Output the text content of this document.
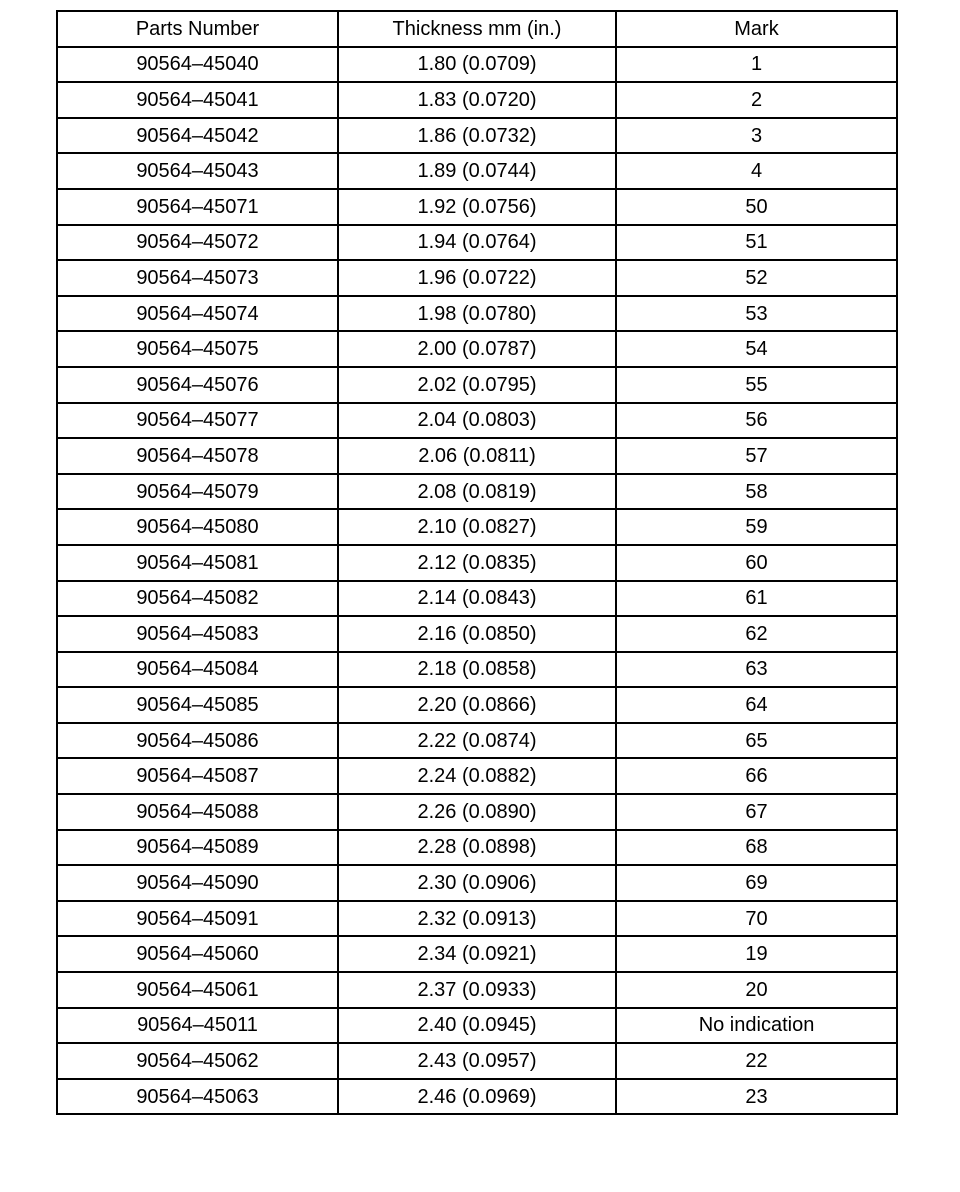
Parts Number	Thickness mm (in.)	Mark
90564–45040	1.80 (0.0709)	1
90564–45041	1.83 (0.0720)	2
90564–45042	1.86 (0.0732)	3
90564–45043	1.89 (0.0744)	4
90564–45071	1.92 (0.0756)	50
90564–45072	1.94 (0.0764)	51
90564–45073	1.96 (0.0722)	52
90564–45074	1.98 (0.0780)	53
90564–45075	2.00 (0.0787)	54
90564–45076	2.02 (0.0795)	55
90564–45077	2.04 (0.0803)	56
90564–45078	2.06 (0.0811)	57
90564–45079	2.08 (0.0819)	58
90564–45080	2.10 (0.0827)	59
90564–45081	2.12 (0.0835)	60
90564–45082	2.14 (0.0843)	61
90564–45083	2.16 (0.0850)	62
90564–45084	2.18 (0.0858)	63
90564–45085	2.20 (0.0866)	64
90564–45086	2.22 (0.0874)	65
90564–45087	2.24 (0.0882)	66
90564–45088	2.26 (0.0890)	67
90564–45089	2.28 (0.0898)	68
90564–45090	2.30 (0.0906)	69
90564–45091	2.32 (0.0913)	70
90564–45060	2.34 (0.0921)	19
90564–45061	2.37 (0.0933)	20
90564–45011	2.40 (0.0945)	No indication
90564–45062	2.43 (0.0957)	22
90564–45063	2.46 (0.0969)	23
